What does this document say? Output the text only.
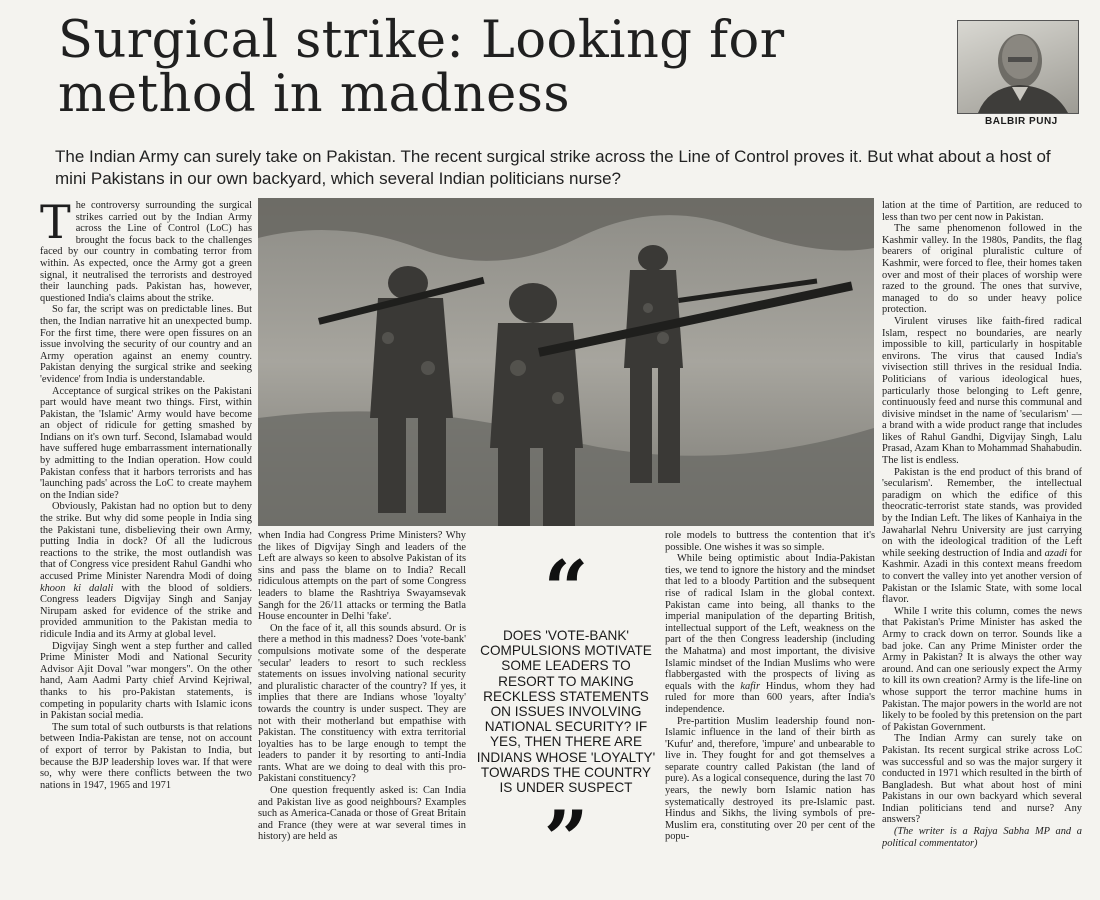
Surgical strike: Looking for method in madness	BALBIR PUNJ

The Indian Army can surely take on Pakistan. The recent surgical strike across the Line of Control proves it. But what about a host of mini Pakistans in our own backyard, which several Indian politicians nurse?

The controversy surrounding the surgical strikes carried out by the Indian Army across the Line of Control (LoC) has brought the focus back to the challenges faced by our country in combating terror from within. As expected, once the Army got a green signal, it neutralised the terrorists and destroyed their launching pads. Pakistan has, however, questioned India's claims about the strike.

So far, the script was on predictable lines. But then, the Indian narrative hit an unexpected bump. For the first time, there were open fissures on an issue involving the security of our country and an Army operation against an enemy country. Pakistan denying the surgical strike and seeking 'evidence' from India is understandable.

Acceptance of surgical strikes on the Pakistani part would have meant two things. First, within Pakistan, the 'Islamic' Army would have become an object of ridicule for getting smashed by Indians on it's own turf. Second, Islamabad would have suffered huge embarrassment internationally by admitting to the Indian operation. How could Pakistan confess that it harbors terrorists and has 'launching pads' across the LoC to create mayhem on the Indian side?

Obviously, Pakistan had no option but to deny the strike. But why did some people in India sing the Pakistani tune, disbelieving their own Army, putting India in dock? Of all the ludicrous reactions to the strike, the most outlandish was that of Congress vice president Rahul Gandhi who accused Prime Minister Narendra Modi of doing khoon ki dalali with the blood of soldiers. Congress leaders Digvijay Singh and Sanjay Nirupam asked for evidence of the strike and provided ammunition to the Pakistan media to ridicule India and its Army at global level.

Digvijay Singh went a step further and called Prime Minister Modi and National Security Advisor Ajit Doval "war mongers". On the other hand, Aam Aadmi Party chief Arvind Kejriwal, thanks to his pro-Pakistan statements, is competing in popularity charts with Islamic icons in Pakistan social media.

The sum total of such outbursts is that relations between India-Pakistan are tense, not on account of export of terror by Pakistan to India, but because the BJP leadership loves war. If that were so, why were there conflicts between the two nations in 1947, 1965 and 1971

when India had Congress Prime Ministers? Why the likes of Digvijay Singh and leaders of the Left are always so keen to absolve Pakistan of its sins and pass the blame on to India? Recall ridiculous attempts on the part of some Congress leaders to blame the Rashtriya Swayamsevak Sangh for the 26/11 attacks or terming the Batla House encounter in Delhi 'fake'.

On the face of it, all this sounds absurd. Or is there a method in this madness? Does 'vote-bank' compulsions motivate some of the desperate 'secular' leaders to resort to such reckless statements on issues involving national security and pluralistic character of the country? If yes, it implies that there are Indians whose 'loyalty' towards the country is under suspect. They are not with their motherland but empathise with Pakistan. The constituency with extra territorial loyalties has to be large enough to tempt the leaders to pander it by resorting to anti-India rants. What are we doing to deal with this pro-Pakistani constituency?

One question frequently asked is: Can India and Pakistan live as good neighbours? Examples such as America-Canada or those of Great Britain and France (they were at war several times in history) are held as

“
DOES 'VOTE-BANK' COMPULSIONS MOTIVATE SOME LEADERS TO RESORT TO MAKING RECKLESS STATEMENTS ON ISSUES INVOLVING NATIONAL SECURITY? IF YES, THEN THERE ARE INDIANS WHOSE 'LOYALTY' TOWARDS THE COUNTRY IS UNDER SUSPECT
”

role models to buttress the contention that it's possible. One wishes it was so simple.

While being optimistic about India-Pakistan ties, we tend to ignore the history and the mindset that led to a bloody Partition and the subsequent rise of radical Islam in the global context. Pakistan came into being, all thanks to the imperial manipulation of the departing British, intellectual support of the Left, weakness on the part of the then Congress leadership (including the Mahatma) and most important, the divisive Islamic mindset of the Indian Muslims who were flabbergasted with the prospects of living as equals with the kafir Hindus, whom they had ruled for more than 600 years, after India's independence.

Pre-partition Muslim leadership found non-Islamic influence in the land of their birth as 'Kufur' and, therefore, 'impure' and unbearable to live in. They fought for and got themselves a separate country called Pakistan (the land of pure). As a logical consequence, during the last 70 years, the newly born Islamic nation has systematically destroyed its pre-Islamic past. Hindus and Sikhs, the living symbols of pre-Muslim era, constituting over 20 per cent of the popu-

lation at the time of Partition, are reduced to less than two per cent now in Pakistan.

The same phenomenon followed in the Kashmir valley. In the 1980s, Pandits, the flag bearers of original pluralistic culture of Kashmir, were forced to flee, their homes taken over and most of their places of worship were razed to the ground. The ones that survive, managed to do so under heavy police protection.

Virulent viruses like faith-fired radical Islam, respect no boundaries, are nearly impossible to kill, particularly in hospitable environs. The virus that caused India's vivisection still thrives in the residual India. Politicians of various ideological hues, particularly those belonging to Left genre, continuously feed and nurse this communal and divisive mindset in the name of 'secularism' — a brand with a wide product range that includes likes of Rahul Gandhi, Digvijay Singh, Lalu Prasad, Azam Khan to Mohammad Shahabudin. The list is endless.

Pakistan is the end product of this brand of 'secularism'. Remember, the intellectual paradigm on which the edifice of this theocratic-terrorist state stands, was provided by the Indian Left. The likes of Kanhaiya in the Jawaharlal Nehru University are just carrying on with the ideological tradition of the Left while seeking destruction of India and azadi for Kashmir. Azadi in this context means freedom to convert the valley into yet another version of Pakistan or the Islamic State, with some local flavor.

While I write this column, comes the news that Pakistan's Prime Minister has asked the Army to crack down on terror. Sounds like a bad joke. Can any Prime Minister order the Army in Pakistan? It is always the other way around. And can one seriously expect the Army to kill its own creation? Army is the life-line on whose support the terror machine hums in Pakistan. The major powers in the world are not likely to be fooled by this pretension on the part of Pakistan Government.

The Indian Army can surely take on Pakistan. Its recent surgical strike across LoC was successful and so was the major surgery it conducted in 1971 which resulted in the birth of Bangladesh. But what about host of mini Pakistans in our own backyard which several Indian politicians tend and nurse? Any answers?

(The writer is a Rajya Sabha MP and a political commentator)
